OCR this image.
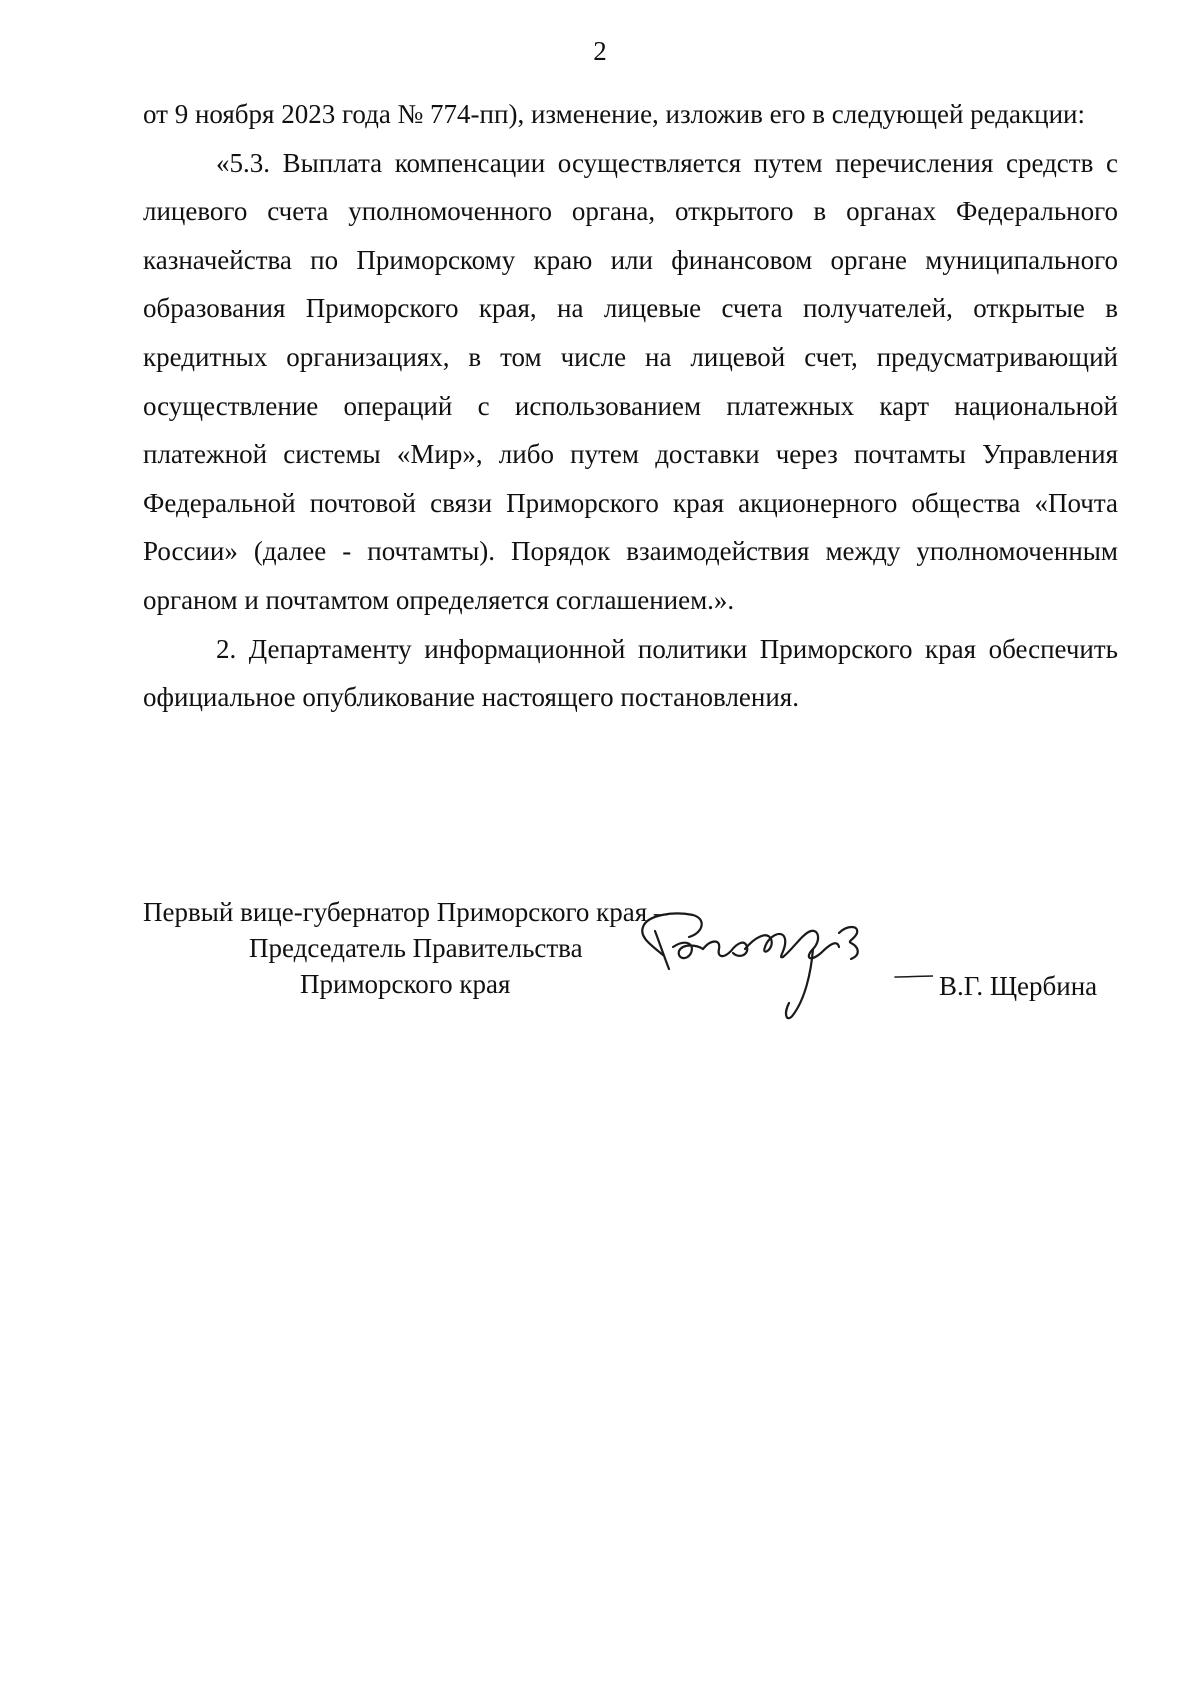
2

от 9 ноября 2023 года № 774-пп), изменение, изложив его в следующей редакции:

«5.3. Выплата компенсации осуществляется путем перечисления средств с лицевого счета уполномоченного органа, открытого в органах Федерального казначейства по Приморскому краю или финансовом органе муниципального образования Приморского края, на лицевые счета получателей, открытые в кредитных организациях, в том числе на лицевой счет, предусматривающий осуществление операций с использованием платежных карт национальной платежной системы «Мир», либо путем доставки через почтамты Управления Федеральной почтовой связи Приморского края акционерного общества «Почта России» (далее - почтамты). Порядок взаимодействия между уполномоченным органом и почтамтом определяется соглашением.».

2. Департаменту информационной политики Приморского края обеспечить официальное опубликование настоящего постановления.

Первый вице-губернатор Приморского края –
Председатель Правительства
Приморского края	В.Г. Щербина
